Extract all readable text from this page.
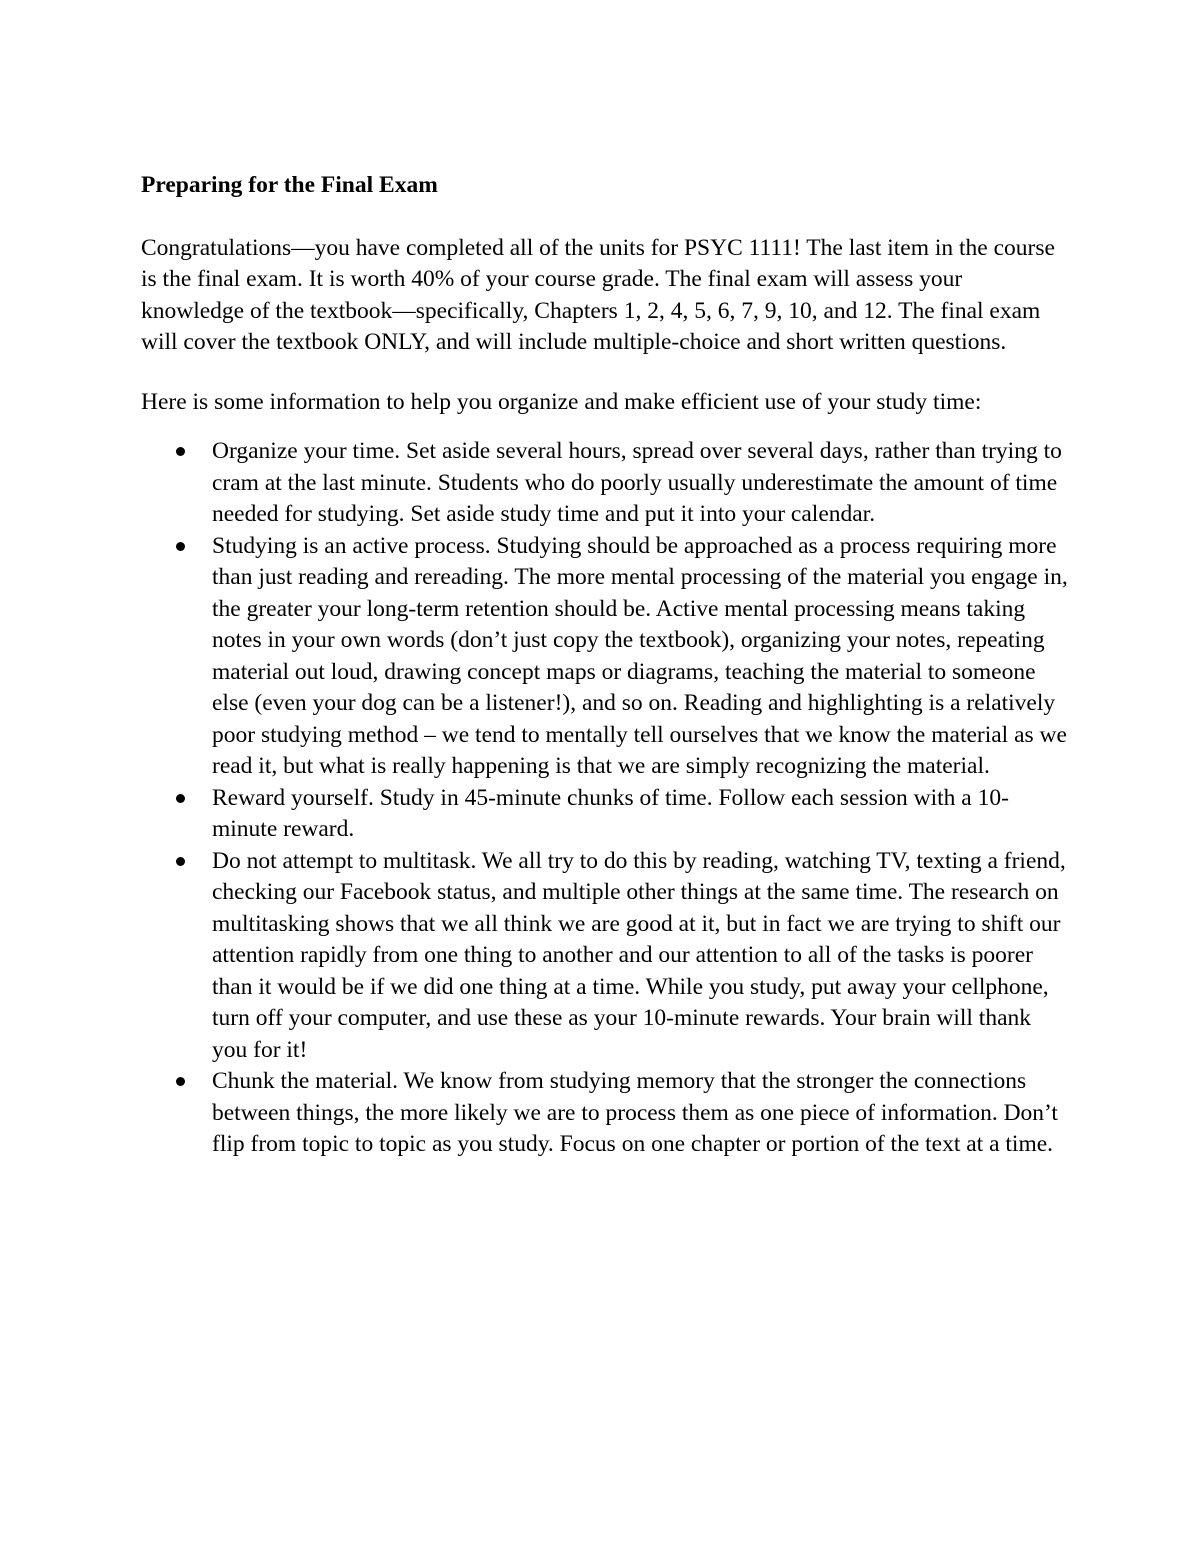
Preparing for the Final Exam
Congratulations—you have completed all of the units for PSYC 1111! The last item in the course is the final exam. It is worth 40% of your course grade. The final exam will assess your knowledge of the textbook—specifically, Chapters 1, 2, 4, 5, 6, 7, 9, 10, and 12. The final exam will cover the textbook ONLY, and will include multiple-choice and short written questions.
Here is some information to help you organize and make efficient use of your study time:
Organize your time. Set aside several hours, spread over several days, rather than trying to cram at the last minute. Students who do poorly usually underestimate the amount of time needed for studying. Set aside study time and put it into your calendar.
Studying is an active process. Studying should be approached as a process requiring more than just reading and rereading. The more mental processing of the material you engage in, the greater your long-term retention should be. Active mental processing means taking notes in your own words (don’t just copy the textbook), organizing your notes, repeating material out loud, drawing concept maps or diagrams, teaching the material to someone else (even your dog can be a listener!), and so on. Reading and highlighting is a relatively poor studying method – we tend to mentally tell ourselves that we know the material as we read it, but what is really happening is that we are simply recognizing the material.
Reward yourself. Study in 45-minute chunks of time. Follow each session with a 10-minute reward.
Do not attempt to multitask. We all try to do this by reading, watching TV, texting a friend, checking our Facebook status, and multiple other things at the same time. The research on multitasking shows that we all think we are good at it, but in fact we are trying to shift our attention rapidly from one thing to another and our attention to all of the tasks is poorer than it would be if we did one thing at a time. While you study, put away your cellphone, turn off your computer, and use these as your 10-minute rewards. Your brain will thank you for it!
Chunk the material. We know from studying memory that the stronger the connections between things, the more likely we are to process them as one piece of information. Don’t flip from topic to topic as you study. Focus on one chapter or portion of the text at a time.
